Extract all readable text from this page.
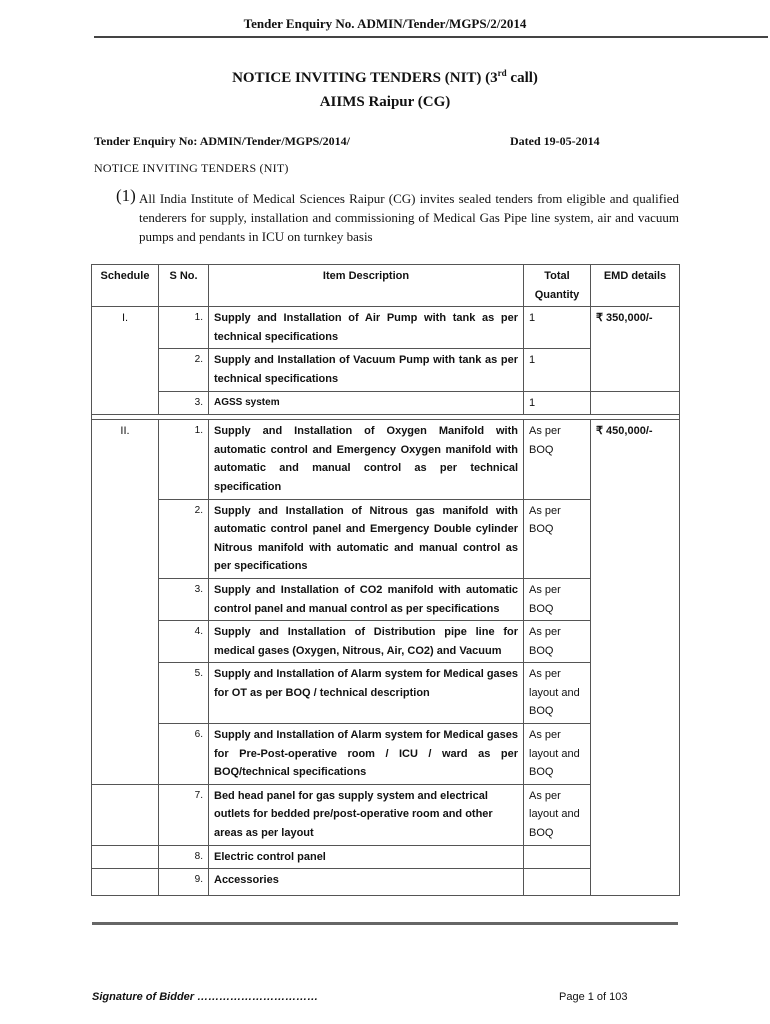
Tender Enquiry No. ADMIN/Tender/MGPS/2/2014
NOTICE INVITING TENDERS (NIT) (3rd call)
AIIMS Raipur (CG)
Tender Enquiry No: ADMIN/Tender/MGPS/2014/	Dated 19-05-2014
NOTICE INVITING TENDERS (NIT)
(1) All India Institute of Medical Sciences Raipur (CG) invites sealed tenders from eligible and qualified tenderers for supply, installation and commissioning of Medical Gas Pipe line system, air and vacuum pumps and pendants in ICU on turnkey basis
Schedule	S No.	Item Description	Total Quantity	EMD details
I.	1.	Supply and Installation of Air Pump with tank as per technical specifications	1	₹ 350,000/-
	2.	Supply and Installation of Vacuum Pump with tank as per technical specifications	1	
	3.	AGSS system	1	

II.	1.	Supply and Installation of Oxygen Manifold with automatic control and Emergency Oxygen manifold with automatic and manual control as per technical specification	As per BOQ	₹ 450,000/-
	2.	Supply and Installation of Nitrous gas manifold with automatic control panel and Emergency Double cylinder Nitrous manifold with automatic and manual control as per specifications	As per BOQ	
	3.	Supply and Installation of CO2 manifold with automatic control panel and manual control as per specifications	As per BOQ	
	4.	Supply and Installation of Distribution pipe line for medical gases (Oxygen, Nitrous, Air, CO2) and Vacuum	As per BOQ	
	5.	Supply and Installation of Alarm system for Medical gases for OT as per BOQ / technical description	As per layout and BOQ	
	6.	Supply and Installation of Alarm system for Medical gases for Pre-Post-operative room / ICU / ward as per BOQ/technical specifications	As per layout and BOQ	
	7.	Bed head panel for gas supply system and electrical outlets for bedded pre/post-operative room and other areas as per layout	As per layout and BOQ	
	8.	Electric control panel		
	9.	Accessories		
Signature of Bidder ……………………………	Page 1 of 103
